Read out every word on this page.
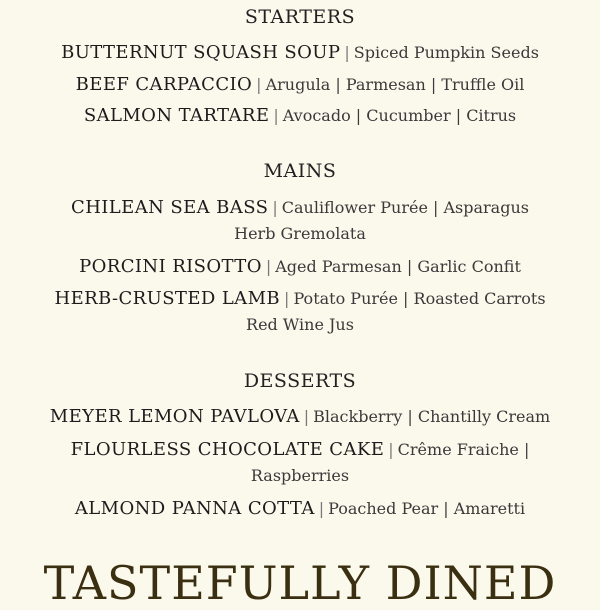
STARTERS
BUTTERNUT SQUASH SOUP | Spiced Pumpkin Seeds
BEEF CARPACCIO | Arugula | Parmesan | Truffle Oil
SALMON TARTARE | Avocado | Cucumber | Citrus
MAINS
CHILEAN SEA BASS | Cauliflower Purée | Asparagus
Herb Gremolata
PORCINI RISOTTO | Aged Parmesan | Garlic Confit
HERB-CRUSTED LAMB | Potato Purée | Roasted Carrots
Red Wine Jus
DESSERTS
MEYER LEMON PAVLOVA | Blackberry | Chantilly Cream
FLOURLESS CHOCOLATE CAKE | Crême Fraiche |
Raspberries
ALMOND PANNA COTTA | Poached Pear | Amaretti
TASTEFULLY DINED
